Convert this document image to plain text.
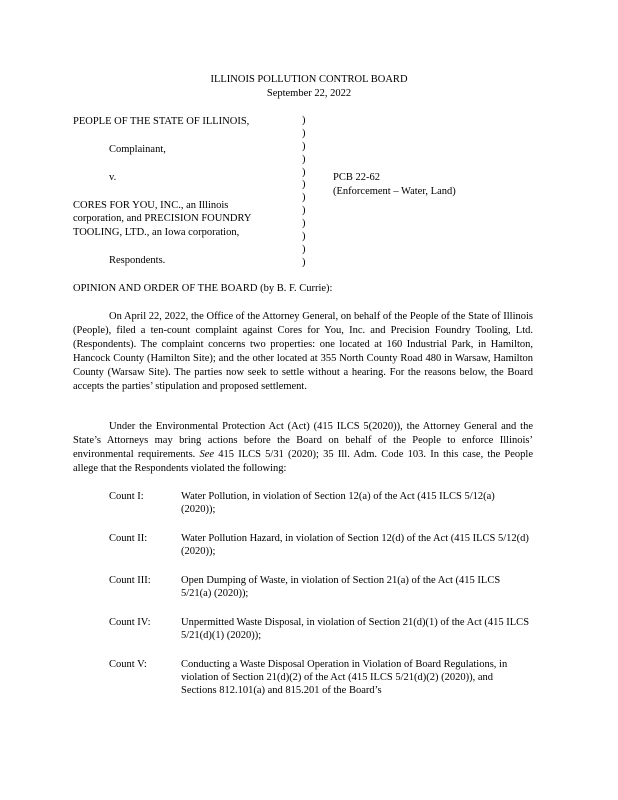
ILLINOIS POLLUTION CONTROL BOARD
September 22, 2022
PEOPLE OF THE STATE OF ILLINOIS,
Complainant,
v.
CORES FOR YOU, INC., an Illinois
corporation, and PRECISION FOUNDRY
TOOLING, LTD., an Iowa corporation,
Respondents.
)
)
)
)
)
)
)
)
)
)
)
)
PCB 22-62
(Enforcement – Water, Land)
OPINION AND ORDER OF THE BOARD (by B. F. Currie):
On April 22, 2022, the Office of the Attorney General, on behalf of the People of the State of Illinois (People), filed a ten-count complaint against Cores for You, Inc. and Precision Foundry Tooling, Ltd. (Respondents). The complaint concerns two properties: one located at 160 Industrial Park, in Hamilton, Hancock County (Hamilton Site); and the other located at 355 North County Road 480 in Warsaw, Hamilton County (Warsaw Site). The parties now seek to settle without a hearing. For the reasons below, the Board accepts the parties’ stipulation and proposed settlement.
Under the Environmental Protection Act (Act) (415 ILCS 5(2020)), the Attorney General and the State’s Attorneys may bring actions before the Board on behalf of the People to enforce Illinois’ environmental requirements. See 415 ILCS 5/31 (2020); 35 Ill. Adm. Code 103. In this case, the People allege that the Respondents violated the following:
Count I:	Water Pollution, in violation of Section 12(a) of the Act (415 ILCS 5/12(a) (2020));
Count II:	Water Pollution Hazard, in violation of Section 12(d) of the Act (415 ILCS 5/12(d) (2020));
Count III:	Open Dumping of Waste, in violation of Section 21(a) of the Act (415 ILCS 5/21(a) (2020));
Count IV:	Unpermitted Waste Disposal, in violation of Section 21(d)(1) of the Act (415 ILCS 5/21(d)(1) (2020));
Count V:	Conducting a Waste Disposal Operation in Violation of Board Regulations, in violation of Section 21(d)(2) of the Act (415 ILCS 5/21(d)(2) (2020)), and Sections 812.101(a) and 815.201 of the Board’s
